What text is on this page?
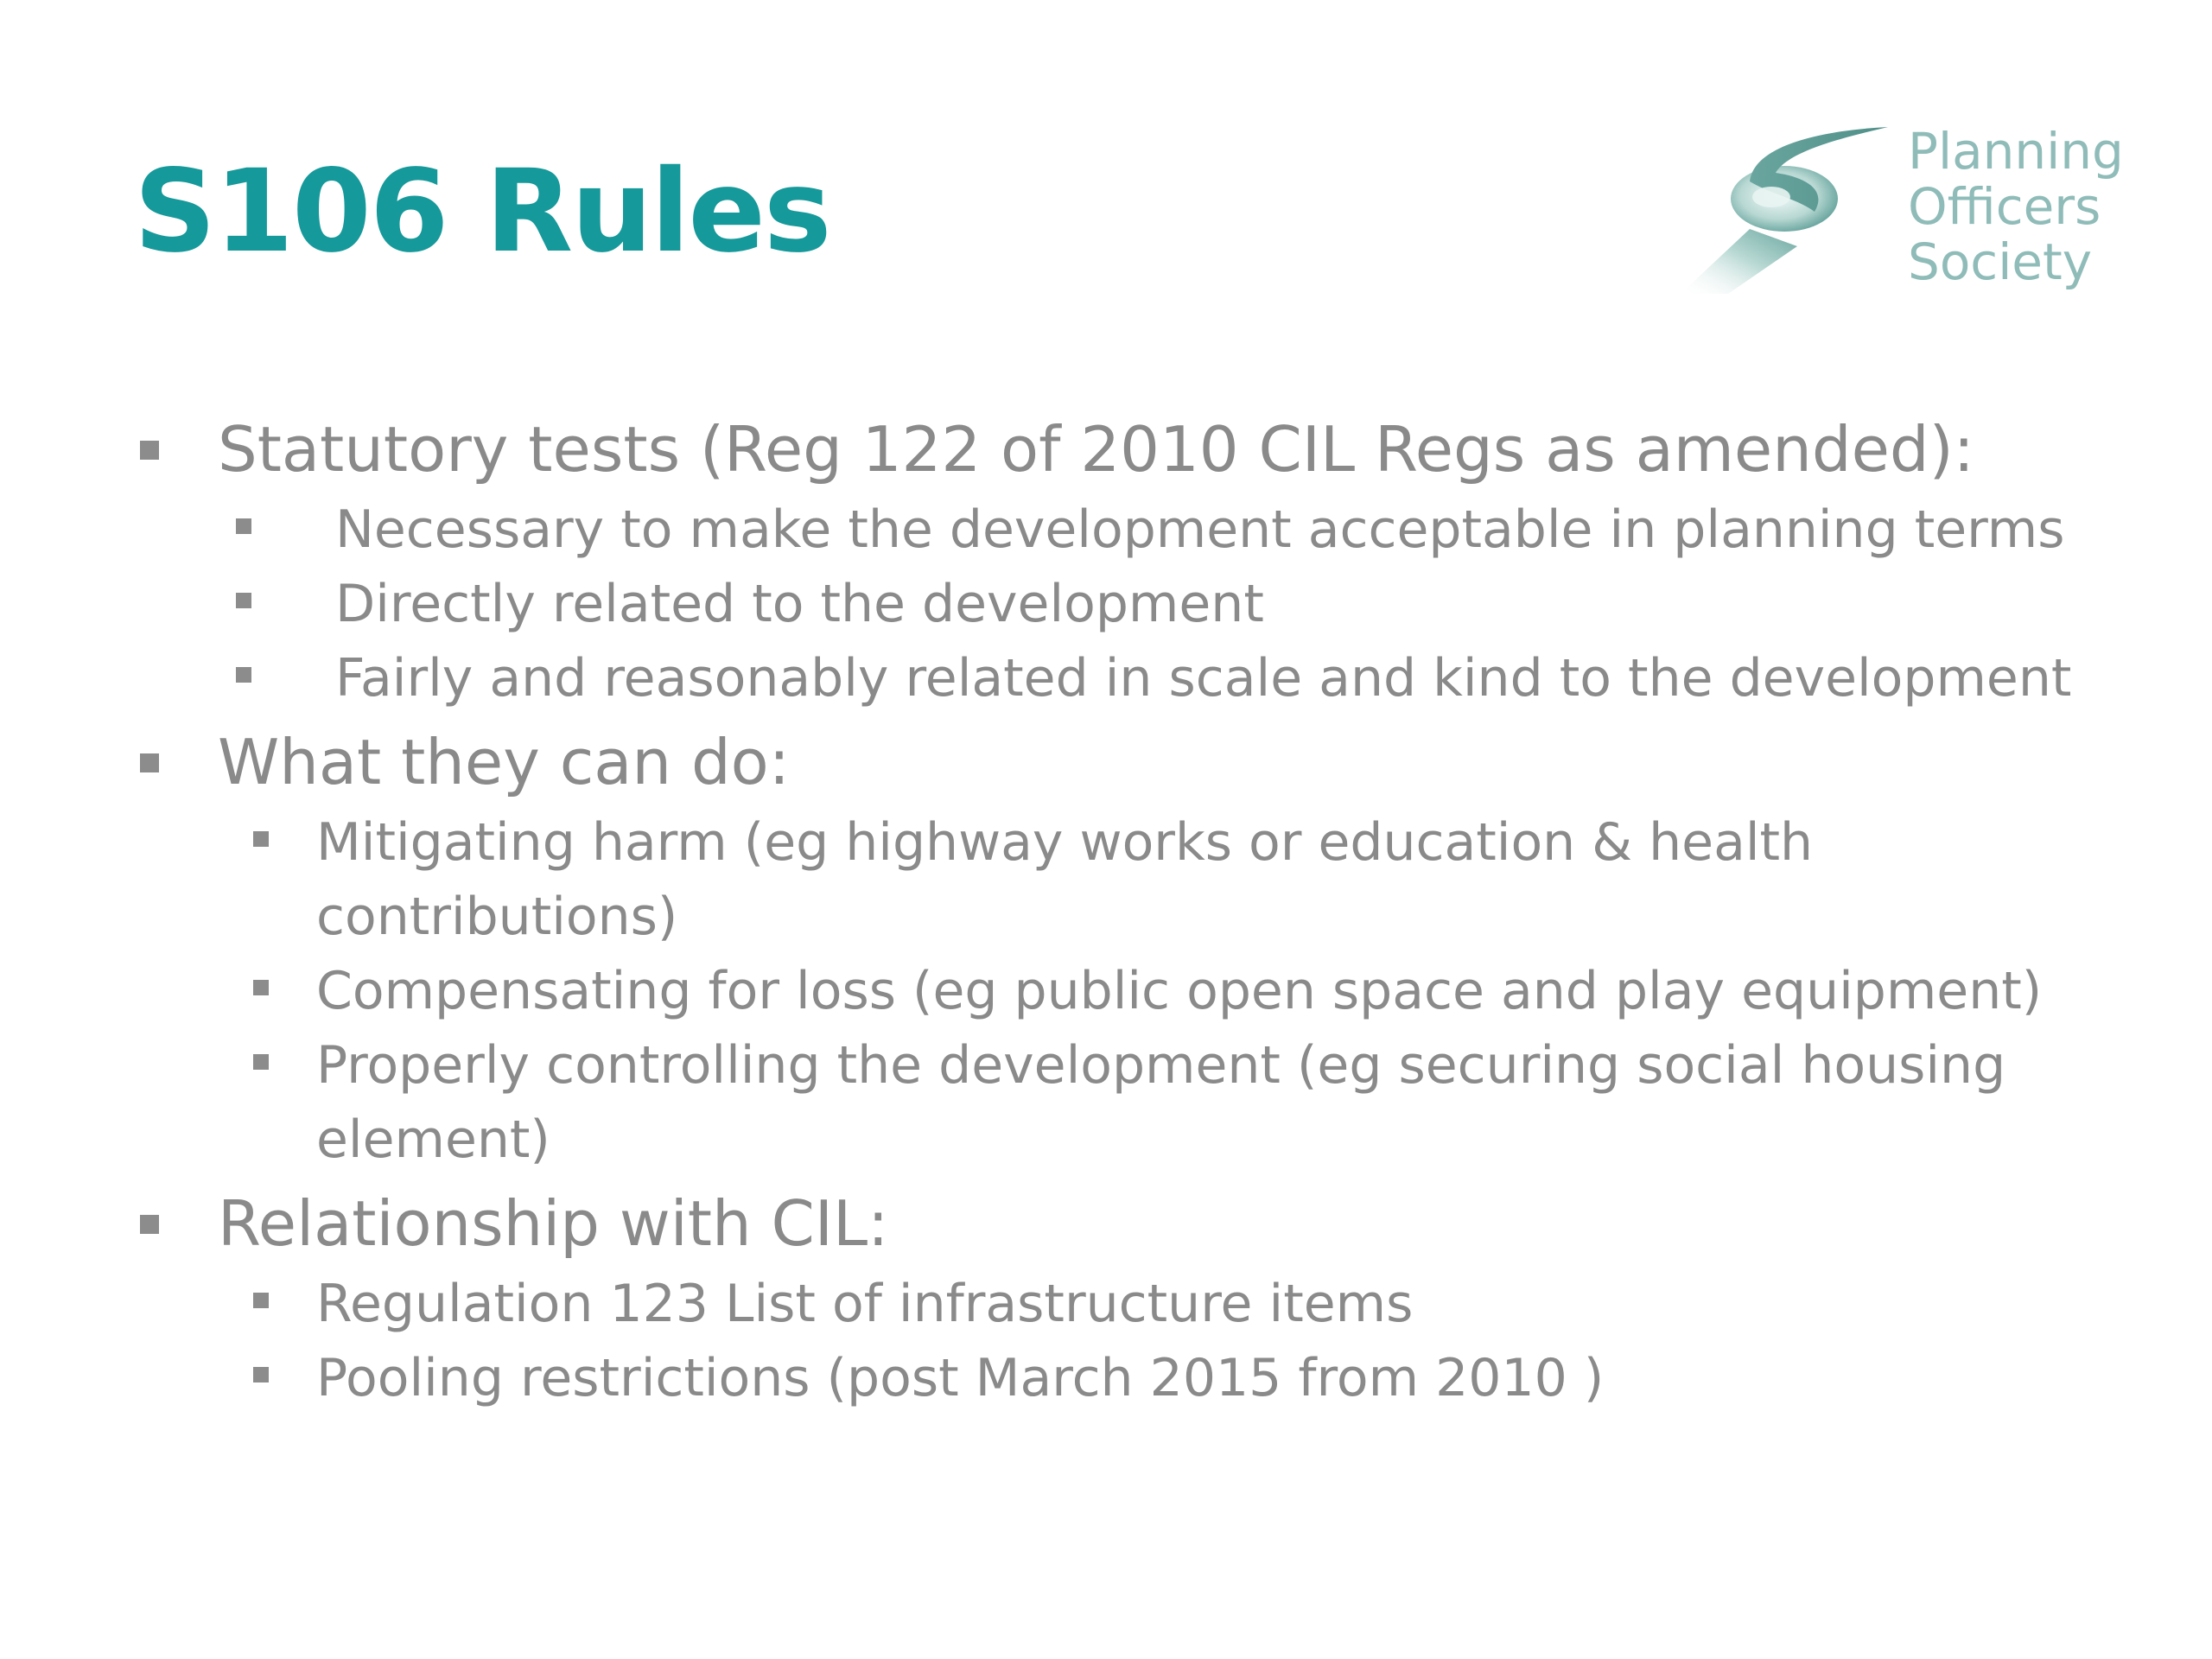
S106 Rules	Planning
Officers
Society
Statutory tests (Reg 122 of 2010 CIL Regs as amended):
Necessary to make the development acceptable in planning terms
Directly related to the development
Fairly and reasonably related in scale and kind to the development
What they can do:
Mitigating harm (eg highway works or education & health
contributions)
Compensating for loss (eg public open space and play equipment)
Properly controlling the development (eg securing social housing
element)
Relationship with CIL:
Regulation 123 List of infrastructure items
Pooling restrictions (post March 2015 from 2010 )
